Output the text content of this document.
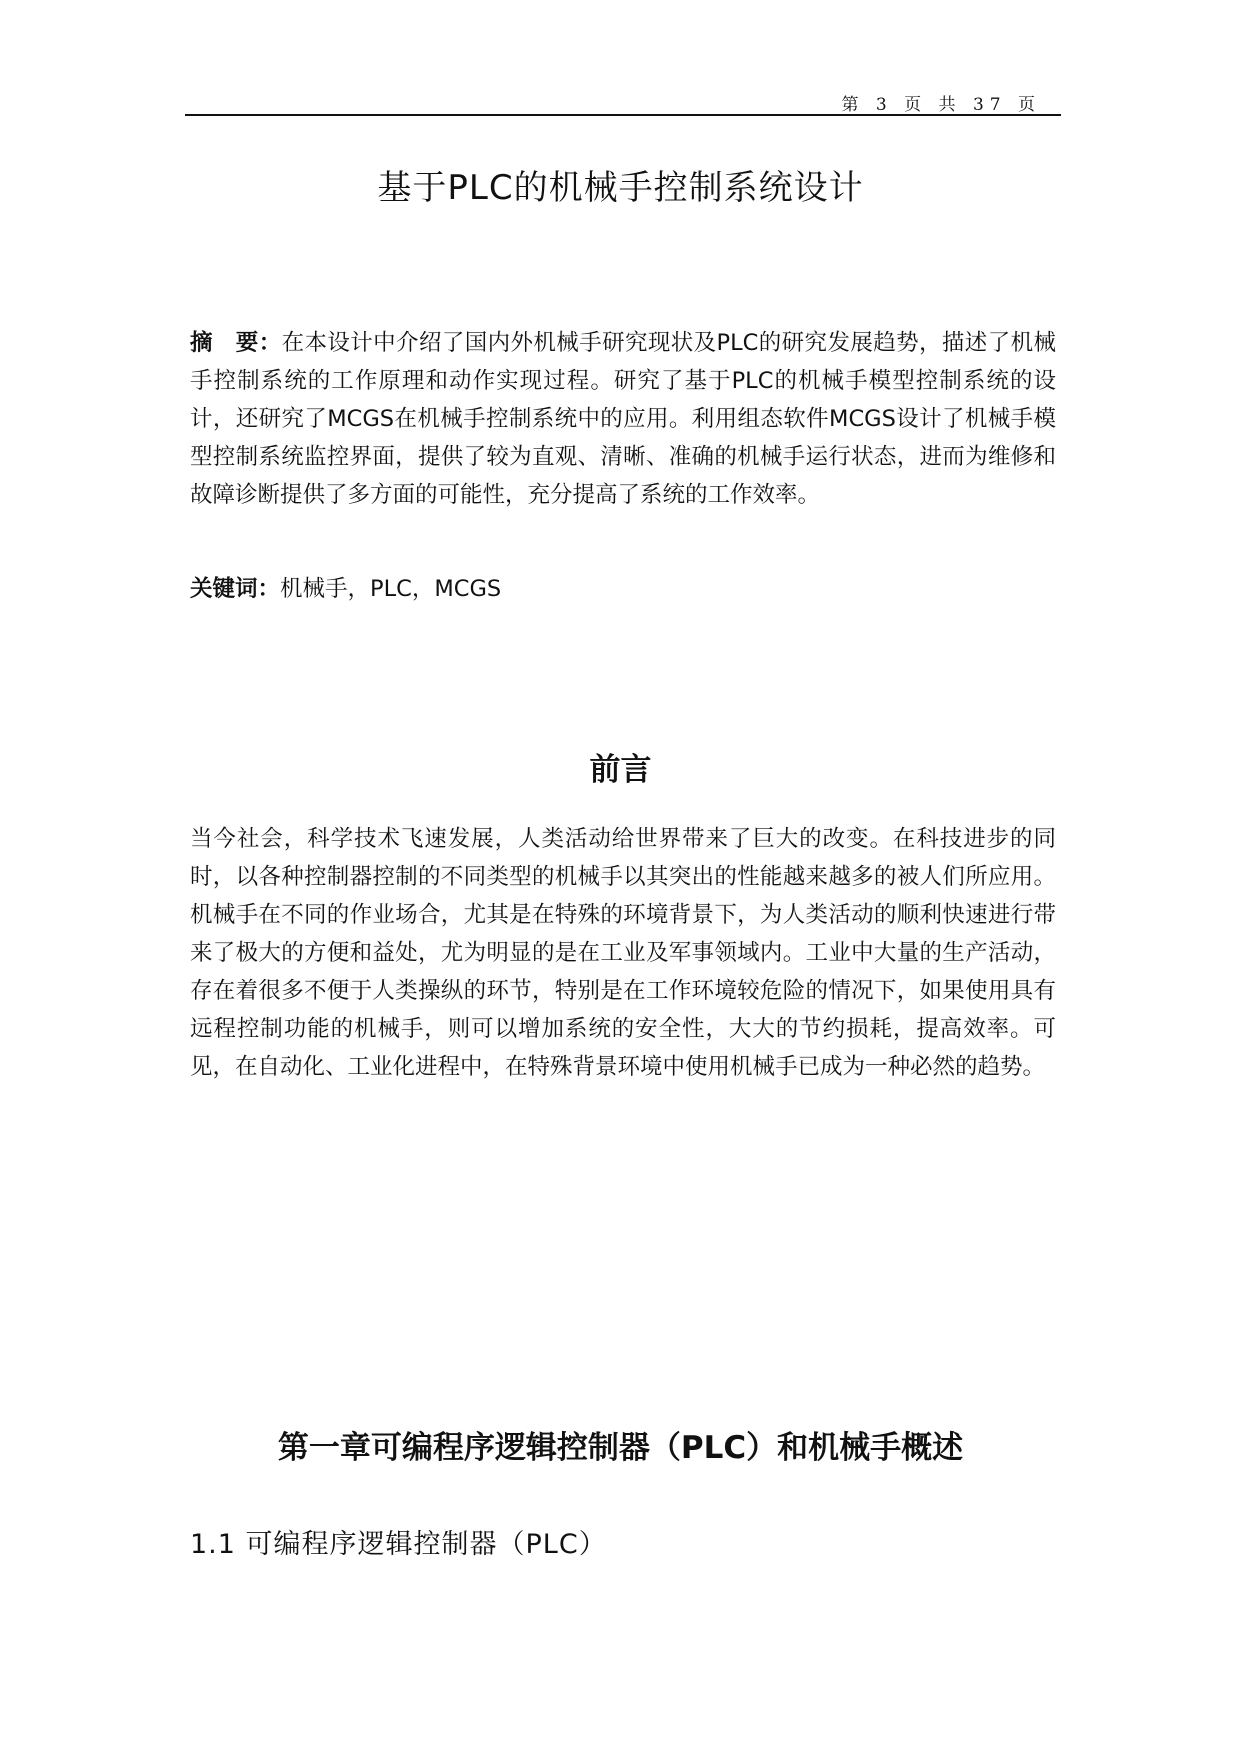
第 3 页 共 37 页
基于PLC的机械手控制系统设计
摘　要：在本设计中介绍了国内外机械手研究现状及PLC的研究发展趋势，描述了机械手控制系统的工作原理和动作实现过程。研究了基于PLC的机械手模型控制系统的设计，还研究了MCGS在机械手控制系统中的应用。利用组态软件MCGS设计了机械手模型控制系统监控界面，提供了较为直观、清晰、准确的机械手运行状态，进而为维修和故障诊断提供了多方面的可能性，充分提高了系统的工作效率。
关键词：机械手，PLC，MCGS
前言
当今社会，科学技术飞速发展，人类活动给世界带来了巨大的改变。在科技进步的同时，以各种控制器控制的不同类型的机械手以其突出的性能越来越多的被人们所应用。机械手在不同的作业场合，尤其是在特殊的环境背景下，为人类活动的顺利快速进行带来了极大的方便和益处，尤为明显的是在工业及军事领域内。工业中大量的生产活动，存在着很多不便于人类操纵的环节，特别是在工作环境较危险的情况下，如果使用具有远程控制功能的机械手，则可以增加系统的安全性，大大的节约损耗，提高效率。可见，在自动化、工业化进程中，在特殊背景环境中使用机械手已成为一种必然的趋势。
第一章可编程序逻辑控制器（PLC）和机械手概述
1.1 可编程序逻辑控制器（PLC）
